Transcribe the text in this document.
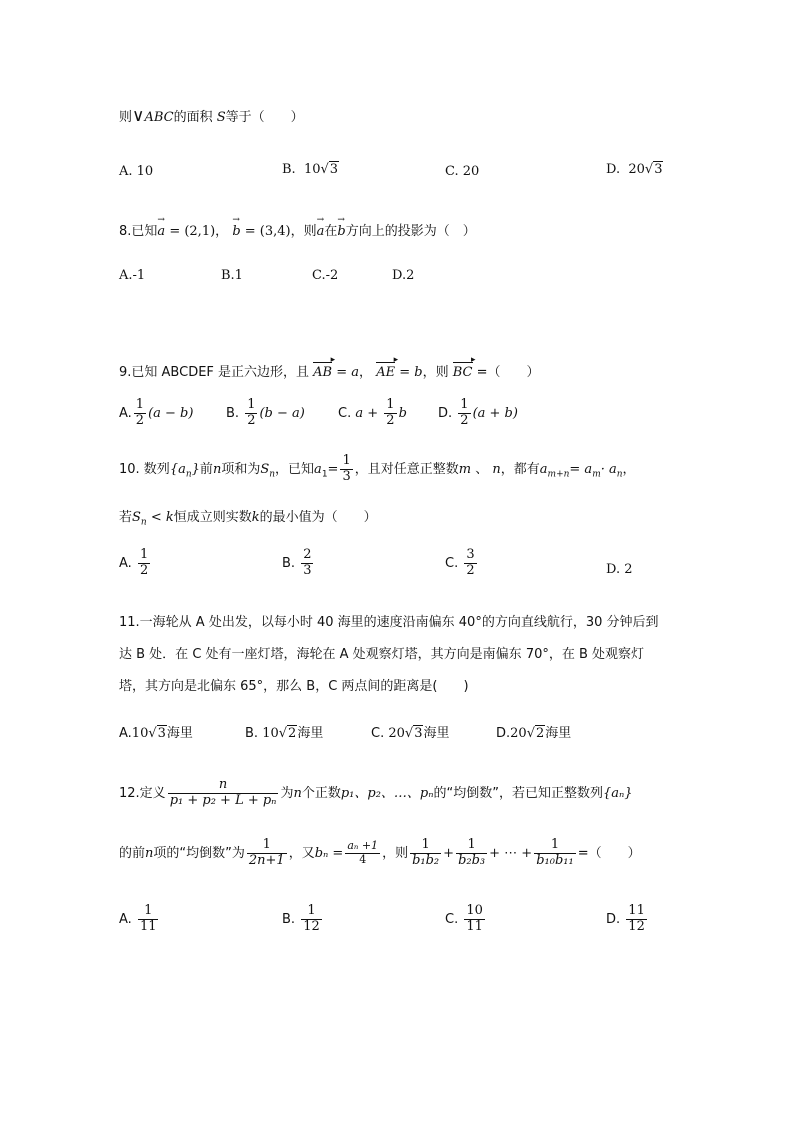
则∨ABC的面积 S等于（　　）
A. 10	B. 10√3	C. 20	D. 20√3
8.已知→ a = (2,1)， → b = (3,4)，则→ a在→ b方向上的投影为（　）
A.-1	B.1	C.-2	D.2
9.已知 ABCDEF 是正六边形，且 AB ▸ = a， AE ▸ = b，则 BC ▸ =（　　）
A. $\frac{1}{2} (a - b)$	B. $\frac{1}{2} (b - a)$	C. $a + \frac{1}{2}$ b D. $\frac{1}{2} (a + b)$
10. 数列$\{a_n\}$前n项和为$S_n$，已知$a_1= \frac{1}{3}$ ，且对任意正整数m 、 n，都有$a_{m+n}= a_m\cdot a_n$，
若$S_n < k$恒成立则实数k的最小值为（　　）
A. $\frac{1}{2}$	B. $\frac{2}{3}$	C. $\frac{3}{2}$	D. 2
11.一海轮从 A 处出发，以每小时 40 海里的速度沿南偏东 40°的方向直线航行，30 分钟后到
达 B 处．在 C 处有一座灯塔，海轮在 A 处观察灯塔，其方向是南偏东 70°，在 B 处观察灯
塔，其方向是北偏东 65°，那么 B，C 两点间的距离是(　　)
A.10√3海里	B. 10√2海里	C. 20√3海里	D.20√2海里
12.定义 $\frac{n}{\text{p₁ + p₂ + L + pₙ}}$ 为n个正数p₁、p₂、…、pₙ的“均倒数”，若已知正整数列{aₙ}
的前n项的“均倒数”为 $\frac{1}{2n+1}$ ，又$b_n = \frac{\text{aₙ +1}}{4}$ ，则 $\frac{1}{\text{b₁b₂}} + \frac{1}{\text{b₂b₃}}$ + ⋯ + $\frac{1}{\text{b₁₀b₁₁}}$ =（　　）
A. $\frac{1}{11}$	B. $\frac{1}{12}$	C. $\frac{10}{11}$	D. $\frac{11}{12}$
